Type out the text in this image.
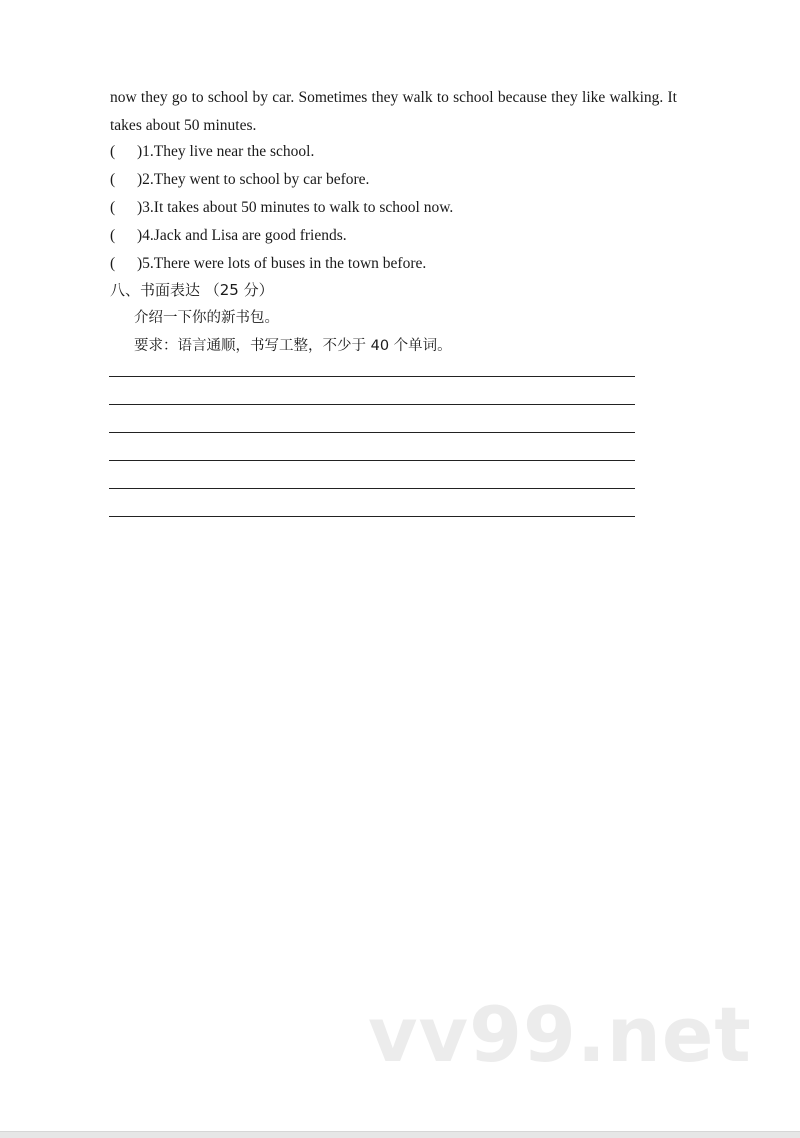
now they go to school by car. Sometimes they walk to school because they like walking. It takes about 50 minutes.

( )1.They live near the school.
( )2.They went to school by car before.
( )3.It takes about 50 minutes to walk to school now.
( )4.Jack and Lisa are good friends.
( )5.There were lots of buses in the town before.
八、书面表达 （25 分）
介绍一下你的新书包。
要求：语言通顺，书写工整，不少于 40 个单词。
vv99.net
